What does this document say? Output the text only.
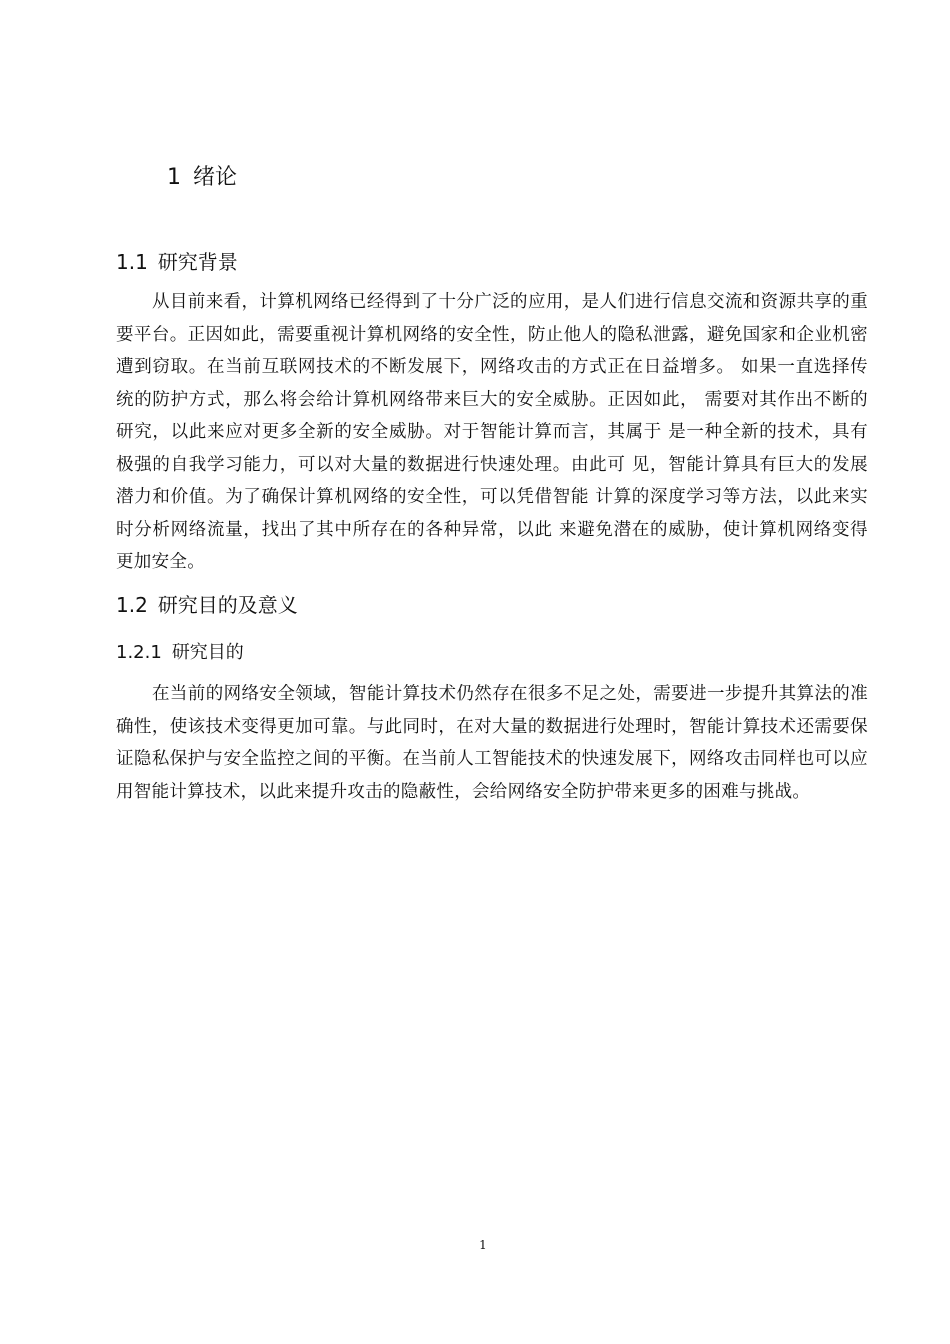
1 绪论
1.1 研究背景

从目前来看，计算机网络已经得到了十分广泛的应用，是人们进行信息交流和资源共享的重要平台。正因如此，需要重视计算机网络的安全性，防止他人的隐私泄露，避免国家和企业机密遭到窃取。在当前互联网技术的不断发展下，网络攻击的方式正在日益增多。 如果一直选择传统的防护方式，那么将会给计算机网络带来巨大的安全威胁。正因如此， 需要对其作出不断的研究，以此来应对更多全新的安全威胁。对于智能计算而言，其属于 是一种全新的技术，具有极强的自我学习能力，可以对大量的数据进行快速处理。由此可 见，智能计算具有巨大的发展潜力和价值。为了确保计算机网络的安全性，可以凭借智能 计算的深度学习等方法，以此来实时分析网络流量，找出了其中所存在的各种异常，以此 来避免潜在的威胁，使计算机网络变得更加安全。

1.2 研究目的及意义
1.2.1 研究目的

在当前的网络安全领域，智能计算技术仍然存在很多不足之处，需要进一步提升其算法的准确性，使该技术变得更加可靠。与此同时，在对大量的数据进行处理时，智能计算技术还需要保证隐私保护与安全监控之间的平衡。在当前人工智能技术的快速发展下，网络攻击同样也可以应用智能计算技术，以此来提升攻击的隐蔽性，会给网络安全防护带来更多的困难与挑战。

1
